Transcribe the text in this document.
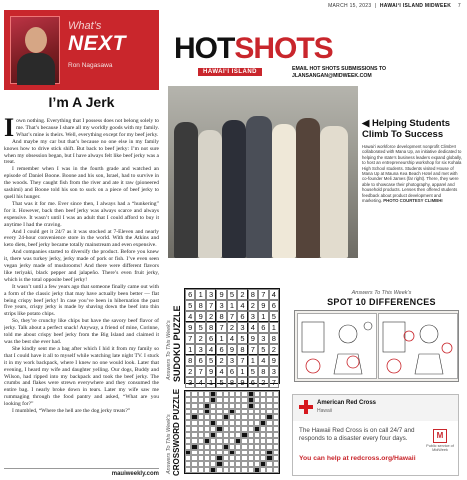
MARCH 15, 2023  |  HAWAI‘I ISLAND MIDWEEK 7
What’s
NEXT
Ron Nagasawa
I’m A Jerk

Iown nothing. Everything that I possess does not belong solely to me. That’s because I share all my worldly goods with my family. What’s mine is theirs. Well, everything except for my beef jerky.

And maybe my car but that’s because no one else in my family knows how to drive stick shift. But back to beef jerky: I’m not sure when my obsession began, but I have always felt like beef jerky was a treat.

I remember when I was in the fourth grade and watched an episode of Daniel Boone. Boone and his son, Israel, had to survive in the woods. They caught fish from the river and ate it raw (pioneered sashimi) and Boone told his son to suck on a piece of beef jerky to quell his hunger.

That was it for me. Ever since then, I always had a “hunkering” for it. However, back then beef jerky was always scarce and always expensive. It wasn’t until I was an adult that I could afford to buy it anytime I had the craving.

And I could get it 24/7 as it was stocked at 7-Eleven and nearly every 24-hour convenience store in the world. With the Atkins and keto diets, beef jerky became totally mainstream and even expensive.

And companies started to diversify the product. Before you knew it, there was turkey jerky, jerky made of pork or fish. I’ve even seen vegan jerky made of mushrooms! And there were different flavors like teriyaki, black pepper and jalapeño. There’s even fruit jerky, which is the total opposite beef jerky!

It wasn’t until a few years ago that someone finally came out with a form of the classic jerky that may have actually been better — flat being crispy beef jerky! In case you’ve been in hibernation the past five years, crispy jerky is made by shaving down the beef into thin strips like potato chips.

So, they’re crunchy like chips but have the savory beef flavor of jerky. Talk about a perfect snack! Anyway, a friend of mine, Corinne, told me about crispy beef jerky from the Big Island and claimed it was the best she ever had.

She kindly sent me a bag after which I hid it from my family so that I could have it all to myself while watching late night TV. I stuck it in my work backpack, where I knew no one would look. Later that evening, I heard my wife and daughter yelling. Our dogs, Buddy and Wilson, had ripped into my backpack and took the beef jerky. The crumbs and flakes were strewn everywhere and they consumed the entire bag. I nearly broke down in tears. Later my wife saw me rummaging through the food pantry and asked, “What are you looking for?”

I mumbled, “Where the hell are the dog jerky treats?”

mauiweekly.com
HOTSHOTS
HAWAI‘I ISLAND	EMAIL HOT SHOTS SUBMISSIONS TO
JLANSANGAN@MIDWEEK.COM
◀ Helping Students Climb To Success

Hawai‘i workforce development nonprofit ClimbHI collaborated with Mana Up, an initiative dedicated to helping the state’s business leaders expand globally, to host an entrepreneurship workshop for six Kohala High School students. Students visited House of Mana Up at Mauna Kea Beach Hotel and met with co-founder Meli James (far right). There, they were able to showcase their photography, apparel and household products. Lenses then offered students feedback about product development and marketing. PHOTO COURTESY CLIMBHI

Answers To This Week’s SUDOKU PUZZLE
6 1 3 9 5 2 8 7 4
5 8 7 3 1 4 2 9 6
4 9 2 8 7 6 3 1 5
9 5 8 7 2 3 4 6 1
7 2 6 1 4 5 9 3 8
1 3 4 6 9 8 7 5 2
8 6 5 2 3 7 1 4 9
2 7 9 4 6 1 5 8 3
3 4 1 5 8 9 6 2 7
Answers To This Week’s
SPOT 10 DIFFERENCES
Answers To This Week’s CROSSWORD PUZZLE	American Red Cross
Hawaii
The Hawaii Red Cross is on call 24/7 and responds to a disaster every four days.	M
Public service of MidWeek
You can help at redcross.org/Hawaii
